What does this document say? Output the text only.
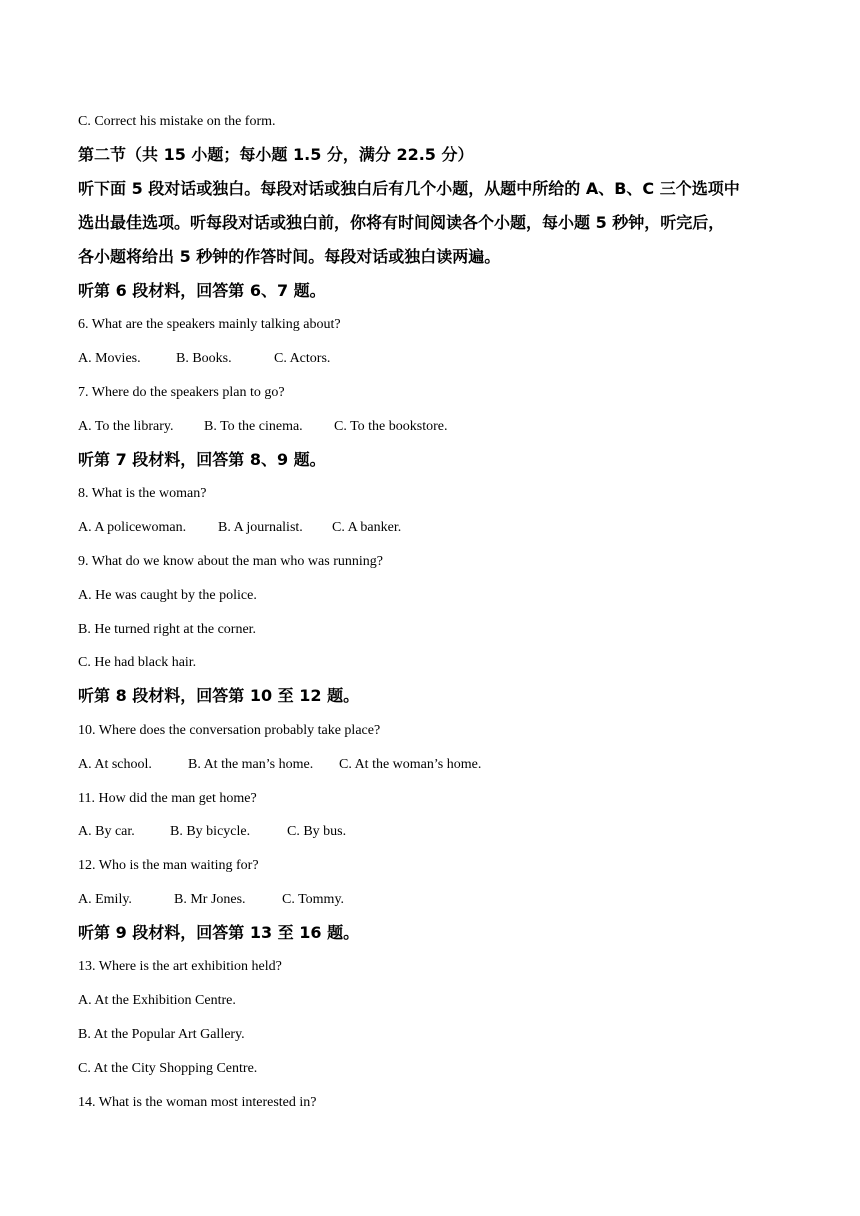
C. Correct his mistake on the form.
第二节（共 15 小题；每小题 1.5 分，满分 22.5 分）
听下面 5 段对话或独白。每段对话或独白后有几个小题，从题中所给的 A、B、C 三个选项中
选出最佳选项。听每段对话或独白前，你将有时间阅读各个小题，每小题 5 秒钟，听完后，
各小题将给出 5 秒钟的作答时间。每段对话或独白读两遍。
听第 6 段材料，回答第 6、7 题。
6. What are the speakers mainly talking about?
A. Movies.	B. Books.	C. Actors.
7. Where do the speakers plan to go?
A. To the library. B. To the cinema. C. To the bookstore.
听第 7 段材料，回答第 8、9 题。
8. What is the woman?
A. A policewoman. B. A journalist. C. A banker.
9. What do we know about the man who was running?
A. He was caught by the police.
B. He turned right at the corner.
C. He had black hair.
听第 8 段材料，回答第 10 至 12 题。
10. Where does the conversation probably take place?
A. At school.	B. At the man’s home. C. At the woman’s home.
11. How did the man get home?
A. By car.	B. By bicycle.	C. By bus.
12. Who is the man waiting for?
A. Emily.	B. Mr Jones.	C. Tommy.
听第 9 段材料，回答第 13 至 16 题。
13. Where is the art exhibition held?
A. At the Exhibition Centre.
B. At the Popular Art Gallery.
C. At the City Shopping Centre.
14. What is the woman most interested in?
